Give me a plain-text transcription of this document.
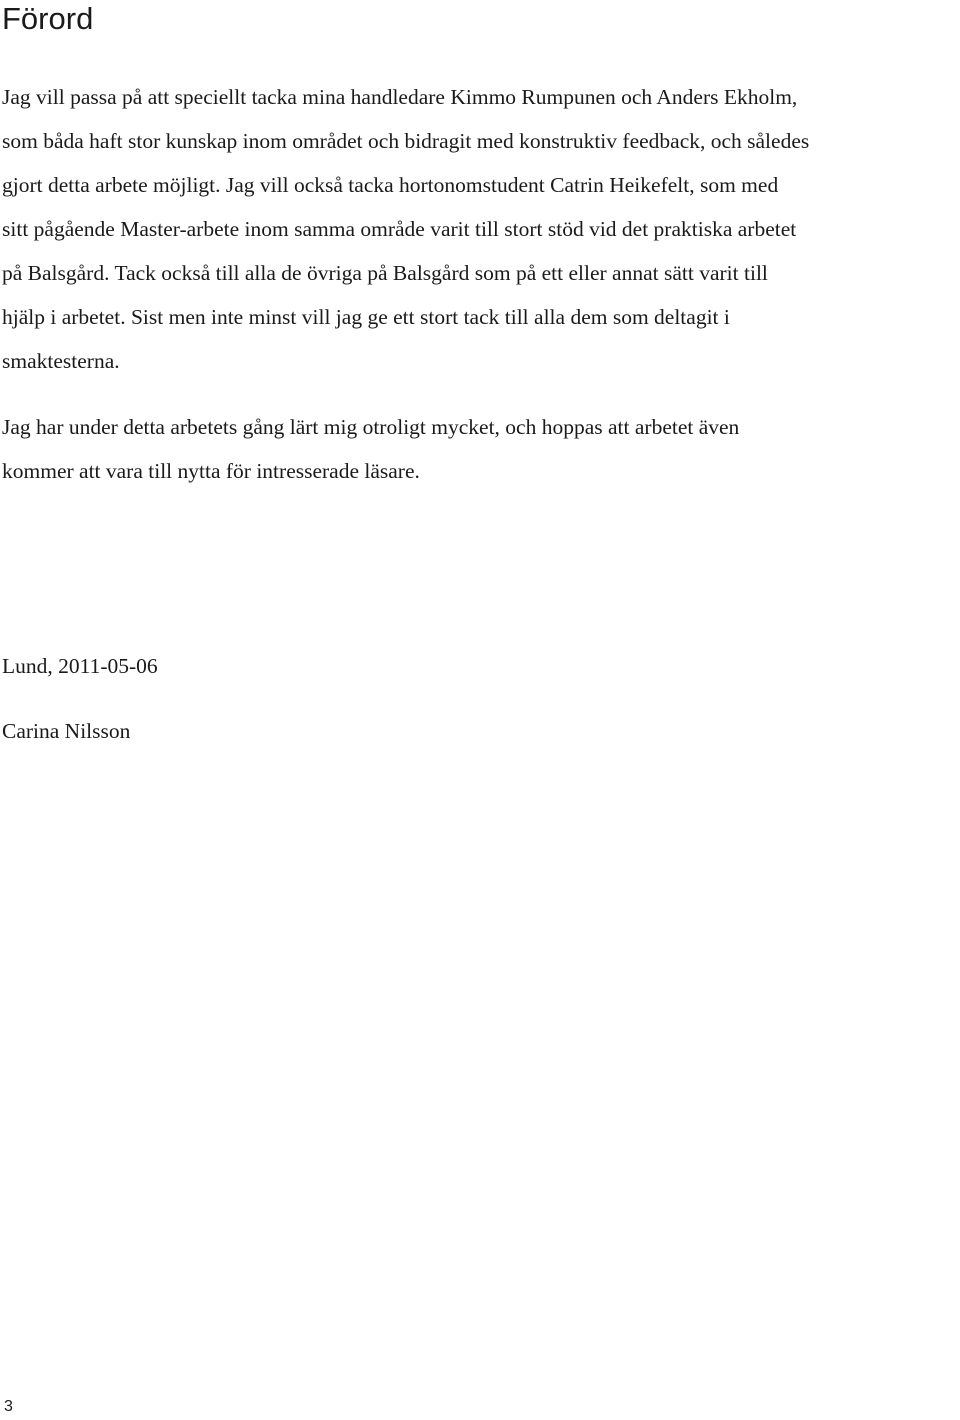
Förord

Jag vill passa på att speciellt tacka mina handledare Kimmo Rumpunen och Anders Ekholm,

som båda haft stor kunskap inom området och bidragit med konstruktiv feedback, och således

gjort detta arbete möjligt. Jag vill också tacka hortonomstudent Catrin Heikefelt, som med

sitt pågående Master-arbete inom samma område varit till stort stöd vid det praktiska arbetet

på Balsgård. Tack också till alla de övriga på Balsgård som på ett eller annat sätt varit till

hjälp i arbetet. Sist men inte minst vill jag ge ett stort tack till alla dem som deltagit i

smaktesterna.

Jag har under detta arbetets gång lärt mig otroligt mycket, och hoppas att arbetet även

kommer att vara till nytta för intresserade läsare.

Lund, 2011-05-06

Carina Nilsson

3
